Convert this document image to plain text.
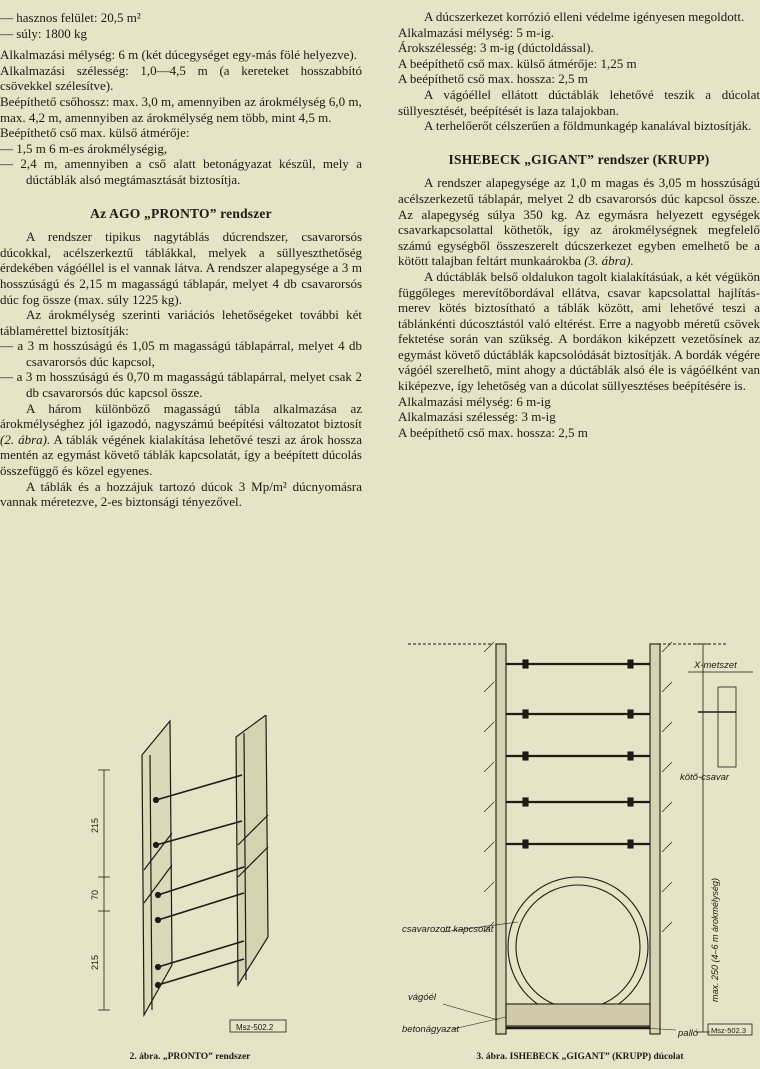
— hasznos felület: 20,5 m²

— súly: 1800 kg

Alkalmazási mélység: 6 m (két dúcegységet egy-más fölé helyezve).

Alkalmazási szélesség: 1,0—4,5 m (a kereteket hosszabbító csövekkel szélesítve).

Beépíthető csőhossz: max. 3,0 m, amennyiben az árokmélység 6,0 m,

max. 4,2 m, amennyiben az árokmélység nem több, mint 4,5 m.

Beépíthető cső max. külső átmérője:

— 1,5 m 6 m-es árokmélységig,

— 2,4 m, amennyiben a cső alatt betonágyazat készül, mely a dúctáblák alsó megtámasztását biztosítja.

Az AGO „PRONTO” rendszer

A rendszer tipikus nagytáblás dúcrendszer, csavarorsós dúcokkal, acélszerkeztű táblákkal, melyek a süllyeszthetőség érdekében vágóéllel is el vannak látva. A rendszer alapegysége a 3 m hosszúságú és 2,15 m magasságú táblapár, melyet 4 db csavarorsós dúc fog össze (max. súly 1225 kg).

Az árokmélység szerinti variációs lehetőségeket további két táblamérettel biztosítják:

— a 3 m hosszúságú és 1,05 m magasságú táblapárral, melyet 4 db csavarorsós dúc kapcsol,

— a 3 m hosszúságú és 0,70 m magasságú táblapárral, melyet csak 2 db csavarorsós dúc kapcsol össze.

A három különböző magasságú tábla alkalmazása az árokmélységhez jól igazodó, nagyszámú beépítési változatot biztosít (2. ábra). A táblák végének kialakítása lehetővé teszi az árok hossza mentén az egymást követő táblák kapcsolatát, így a beépített dúcolás összefüggő és közel egyenes.

A táblák és a hozzájuk tartozó dúcok 3 Mp/m² dúcnyomásra vannak méretezve, 2-es biztonsági tényezővel.

215
70
215
Msz-502.2
2. ábra. „PRONTO” rendszer

A dúcszerkezet korrózió elleni védelme igényesen megoldott.

Alkalmazási mélység: 5 m-ig.

Árokszélesség: 3 m-ig (dúctoldással).

A beépíthető cső max. külső átmérője: 1,25 m

A beépíthető cső max. hossza: 2,5 m

A vágóéllel ellátott dúctáblák lehetővé teszik a dúcolat süllyesztését, beépítését is laza talajokban.

A terhelőerőt célszerűen a földmunkagép kanalával biztosítják.

ISHEBECK „GIGANT” rendszer (KRUPP)

A rendszer alapegysége az 1,0 m magas és 3,05 m hosszúságú acélszerkezetű táblapár, melyet 2 db csavarorsós dúc kapcsol össze. Az alapegység súlya 350 kg. Az egymásra helyezett egységek csavarkapcsolattal köthetők, így az árokmélységnek megfelelő számú egységből összeszerelt dúcszerkezet egyben emelhető be a kötött talajban feltárt munkaárokba (3. ábra).

A dúctáblák belső oldalukon tagolt kialakításúak, a két végükön függőleges merevítőbordával ellátva, csavar kapcsolattal hajlítás-merev kötés biztosítható a táblák között, ami lehetővé teszi a táblánkénti dúcosztástól való eltérést. Erre a nagyobb méretű csövek fektetése során van szükség. A bordákon kiképzett vezetősínek az egymást követő dúctáblák kapcsolódását biztosítják. A bordák végére vágóél szerelhető, mint ahogy a dúctáblák alsó éle is vágóélként van kiképezve, így lehetőség van a dúcolat süllyesztéses beépítésére is.

Alkalmazási mélység: 6 m-ig

Alkalmazási szélesség: 3 m-ig

A beépíthető cső max. hossza: 2,5 m

X-metszet
kötő-csavar
csavarozott kapcsolat
vágóél
betonágyazat	palló
max. 250 (4–6 m árokmélység)
Msz-502.3
3. ábra. ISHEBECK „GIGANT” (KRUPP) dúcolat
